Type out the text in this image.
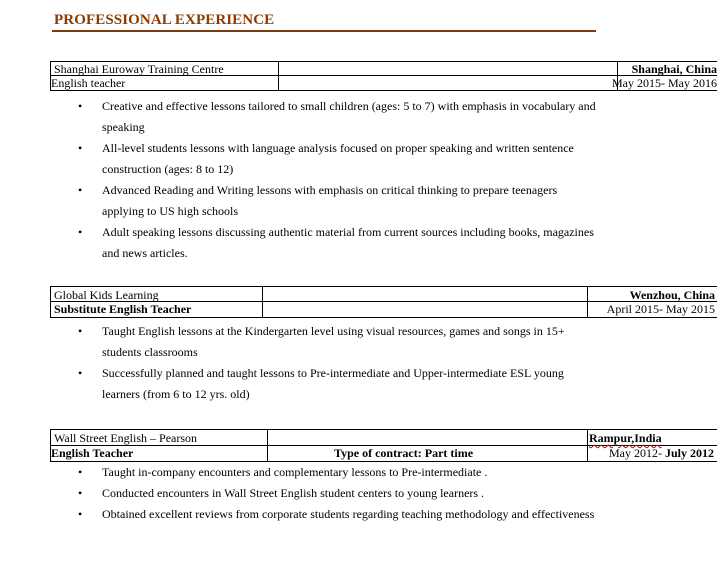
PROFESSIONAL EXPERIENCE
Shanghai Euroway Training Centre	Shanghai, China
English teacher	May 2015- May 2016
• Creative and effective lessons tailored to small children (ages: 5 to 7) with emphasis in vocabulary and
speaking
• All-level students lessons with language analysis focused on proper speaking and written sentence
construction (ages: 8 to 12)
• Advanced Reading and Writing lessons with emphasis on critical thinking to prepare teenagers
applying to US high schools
• Adult speaking lessons discussing authentic material from current sources including books, magazines
and news articles.
Global Kids Learning	Wenzhou, China
Substitute English Teacher	April 2015- May 2015
• Taught English lessons at the Kindergarten level using visual resources, games and songs in 15+
students classrooms
• Successfully planned and taught lessons to Pre-intermediate and Upper-intermediate ESL young
learners (from 6 to 12 yrs. old)
Wall Street English – Pearson	Rampur,India
English Teacher	Type of contract: Part time	May 2012- July 2012
• Taught in-company encounters and complementary lessons to Pre-intermediate .
• Conducted encounters in Wall Street English student centers to young learners .
• Obtained excellent reviews from corporate students regarding teaching methodology and effectiveness
